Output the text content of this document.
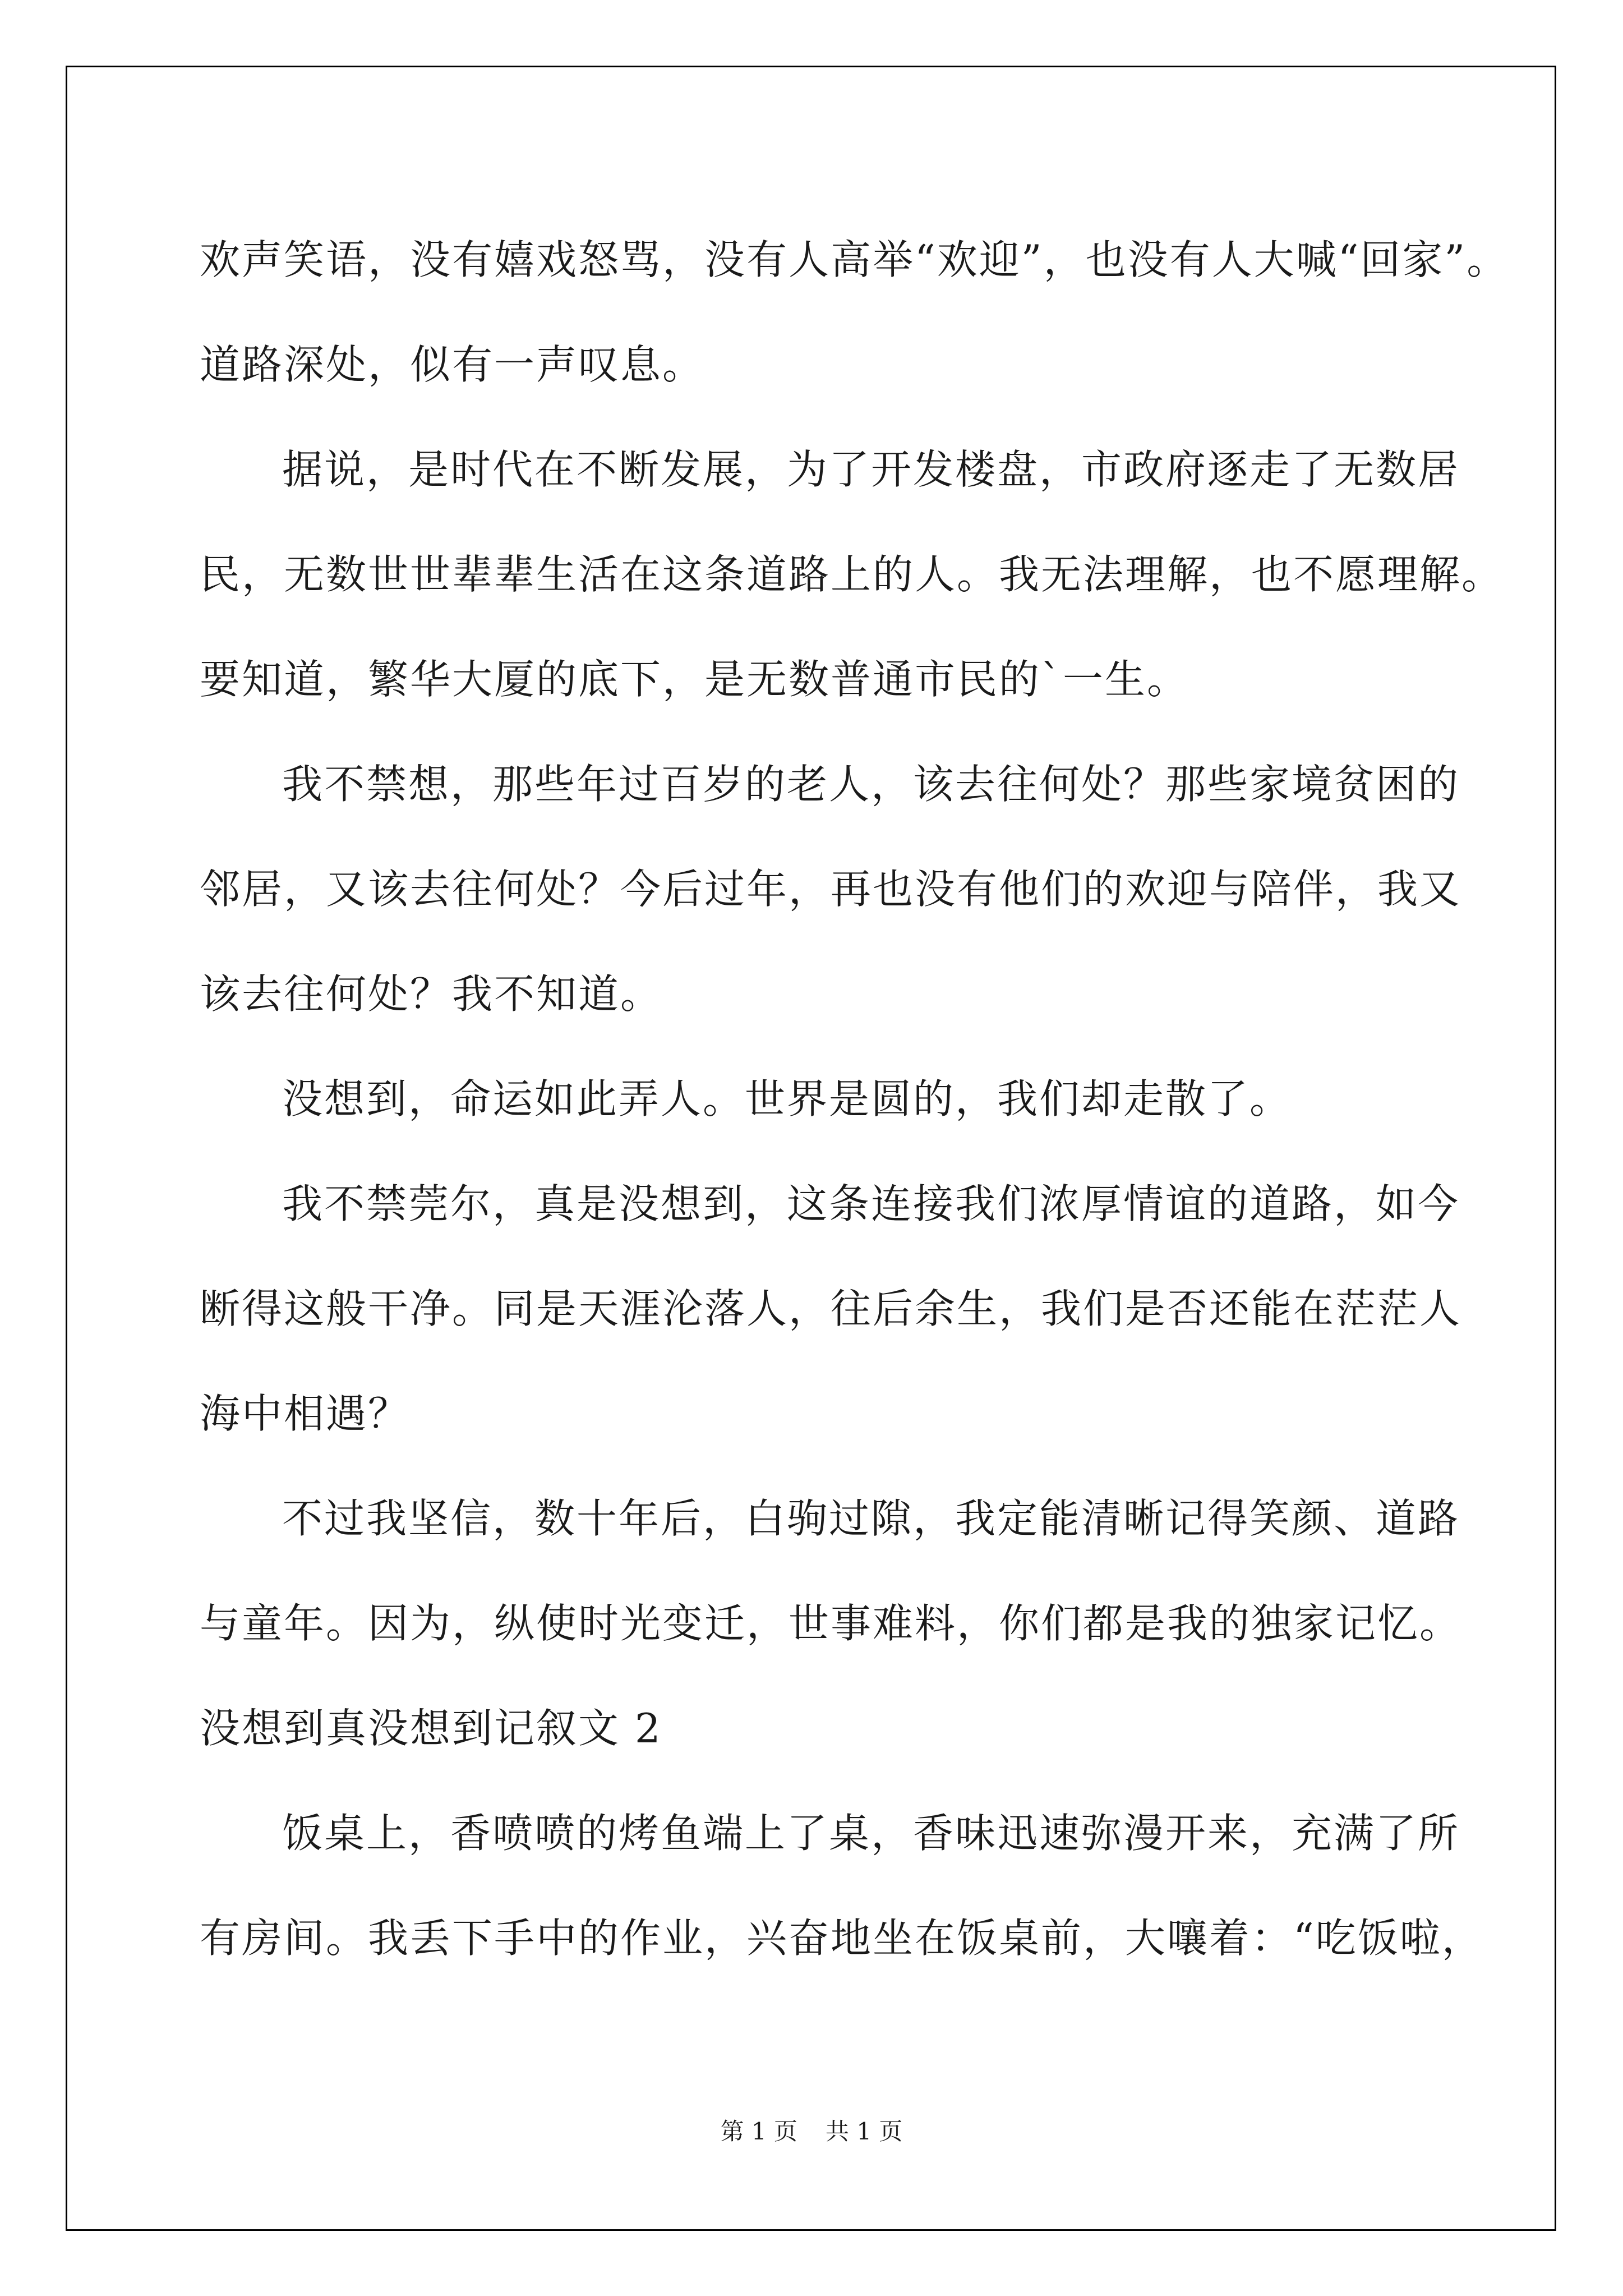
欢声笑语，没有嬉戏怒骂，没有人高举“欢迎”，也没有人大喊“回家”。
道路深处，似有一声叹息。
据说，是时代在不断发展，为了开发楼盘，市政府逐走了无数居
民，无数世世辈辈生活在这条道路上的人。我无法理解，也不愿理解。
要知道，繁华大厦的底下，是无数普通市民的`一生。
我不禁想，那些年过百岁的老人，该去往何处？那些家境贫困的
邻居，又该去往何处？今后过年，再也没有他们的欢迎与陪伴，我又
该去往何处？我不知道。
没想到，命运如此弄人。世界是圆的，我们却走散了。
我不禁莞尔，真是没想到，这条连接我们浓厚情谊的道路，如今
断得这般干净。同是天涯沦落人，往后余生，我们是否还能在茫茫人
海中相遇？
不过我坚信，数十年后，白驹过隙，我定能清晰记得笑颜、道路
与童年。因为，纵使时光变迁，世事难料，你们都是我的独家记忆。
没想到真没想到记叙文 2
饭桌上，香喷喷的烤鱼端上了桌，香味迅速弥漫开来，充满了所
有房间。我丢下手中的作业，兴奋地坐在饭桌前，大嚷着：“吃饭啦，
第 1 页 共 1 页
